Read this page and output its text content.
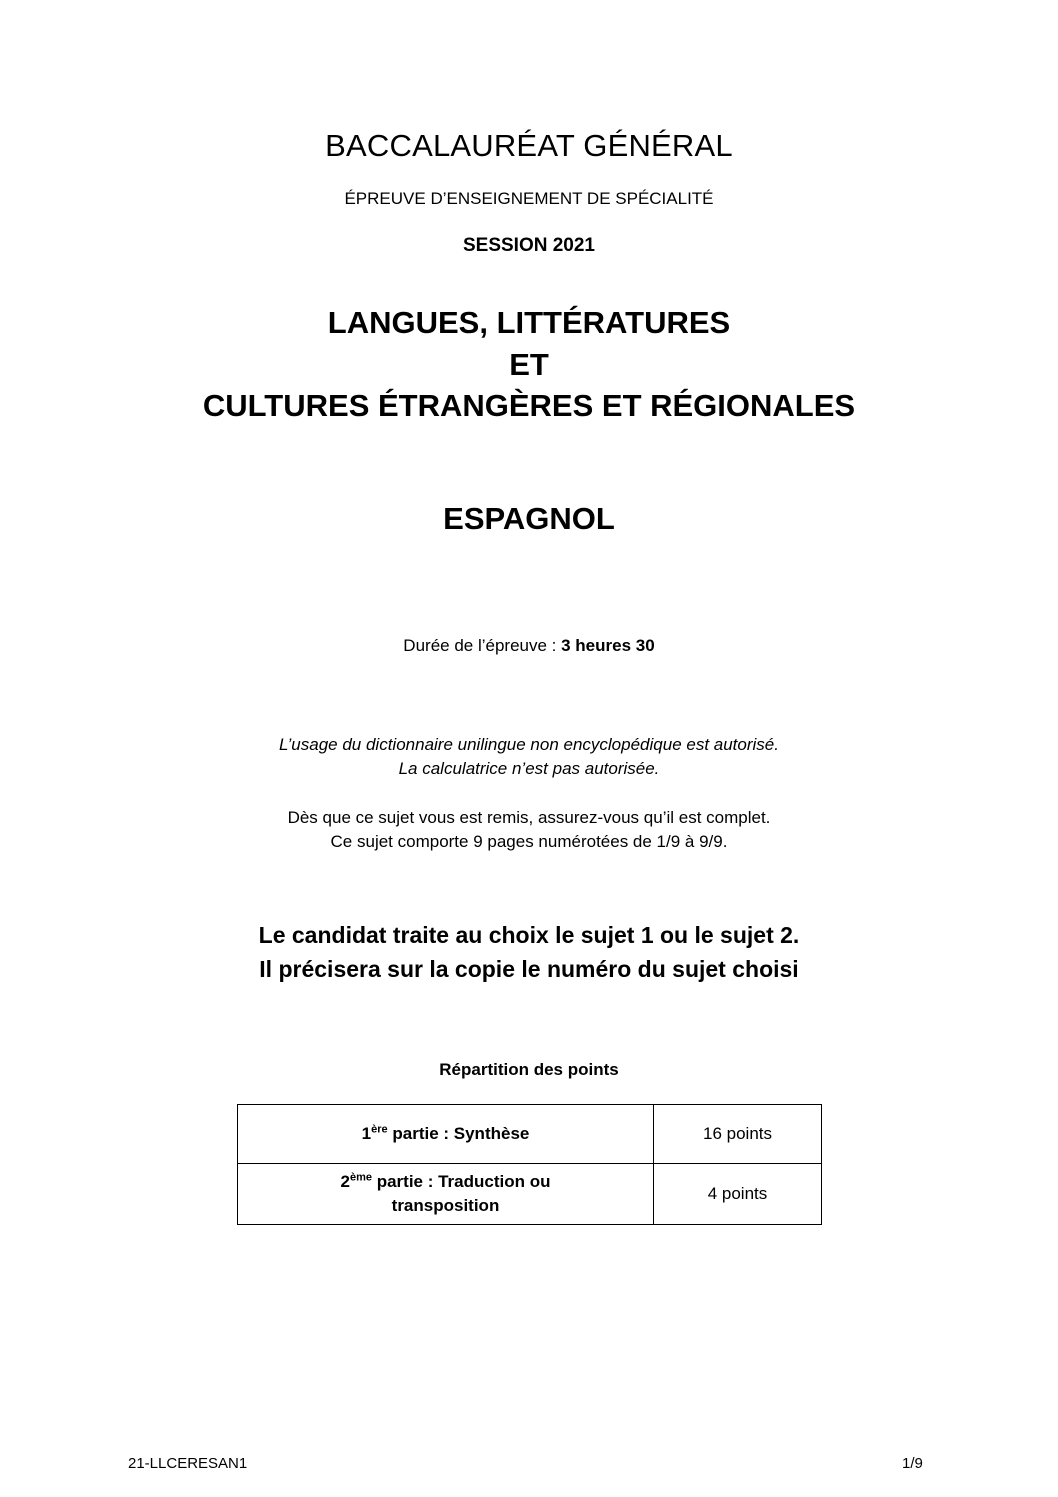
BACCALAURÉAT GÉNÉRAL
ÉPREUVE D’ENSEIGNEMENT DE SPÉCIALITÉ
SESSION 2021
LANGUES, LITTÉRATURES
ET
CULTURES ÉTRANGÈRES ET RÉGIONALES
ESPAGNOL
Durée de l’épreuve : 3 heures 30
L’usage du dictionnaire unilingue non encyclopédique est autorisé.
La calculatrice n’est pas autorisée.
Dès que ce sujet vous est remis, assurez-vous qu’il est complet.
Ce sujet comporte 9 pages numérotées de 1/9 à 9/9.
Le candidat traite au choix le sujet 1 ou le sujet 2.
Il précisera sur la copie le numéro du sujet choisi
Répartition des points
1ère partie : Synthèse	16 points
2ème partie : Traduction ou
transposition	4 points
21-LLCERESAN1	1/9
